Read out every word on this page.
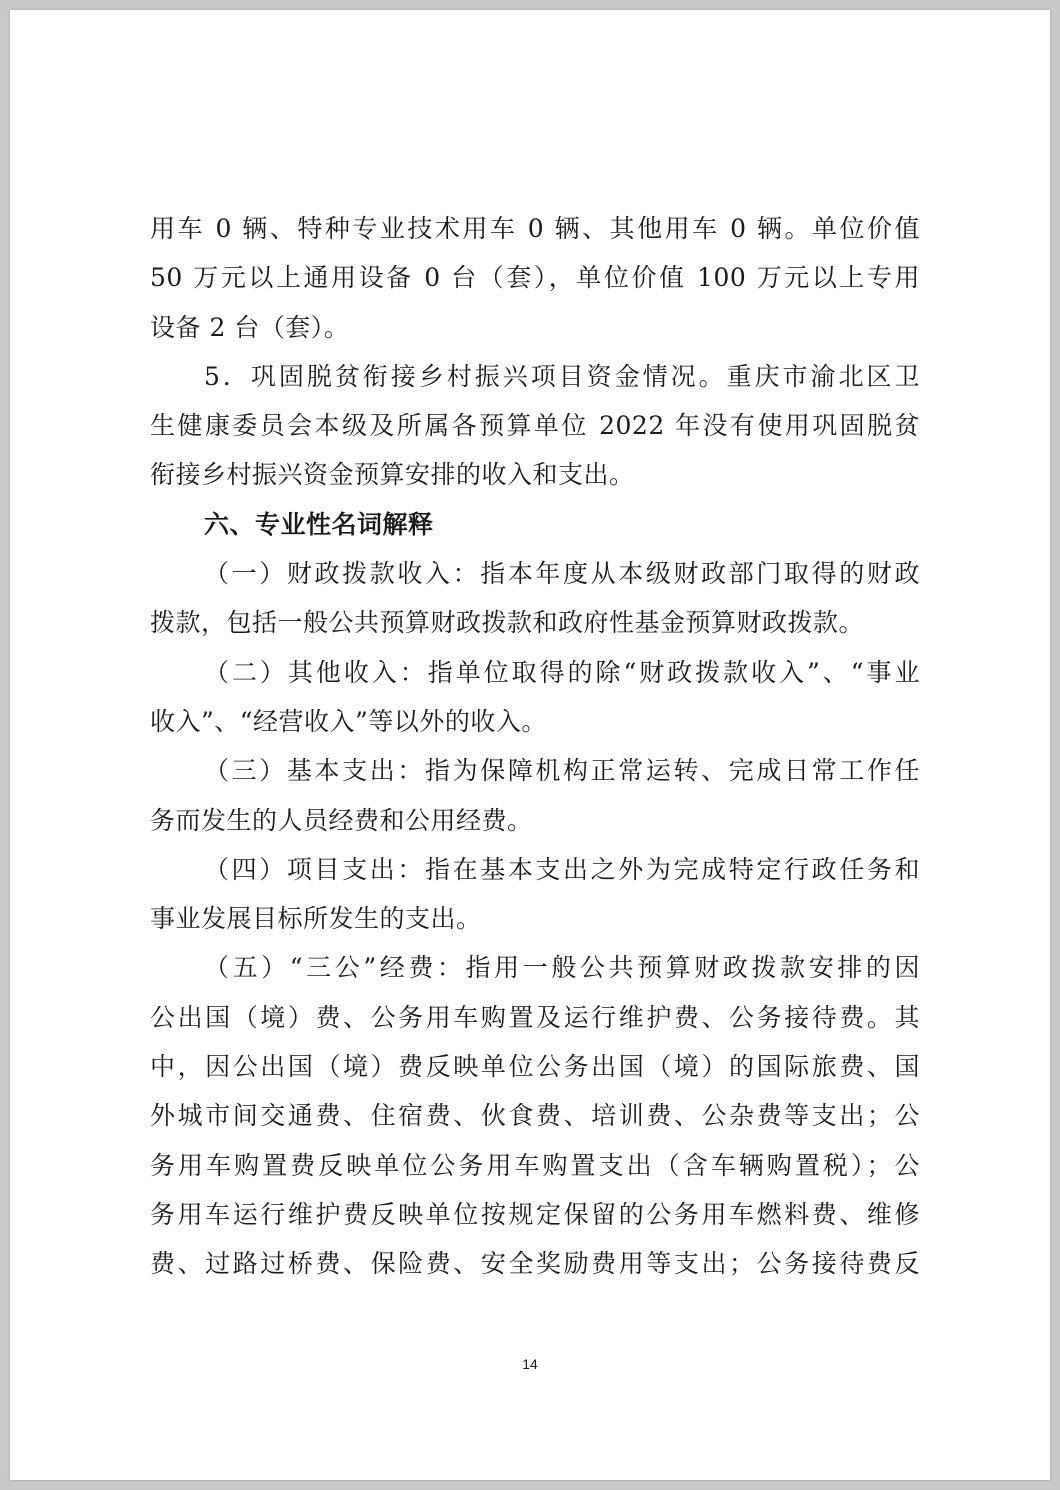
用车 0 辆、特种专业技术用车 0 辆、其他用车 0 辆。单位价值
50 万元以上通用设备 0 台（套），单位价值 100 万元以上专用
设备 2 台（套）。
5．巩固脱贫衔接乡村振兴项目资金情况。重庆市渝北区卫
生健康委员会本级及所属各预算单位 2022 年没有使用巩固脱贫
衔接乡村振兴资金预算安排的收入和支出。
六、专业性名词解释
（一）财政拨款收入：指本年度从本级财政部门取得的财政
拨款，包括一般公共预算财政拨款和政府性基金预算财政拨款。
（二）其他收入：指单位取得的除“财政拨款收入”、“事业
收入”、“经营收入”等以外的收入。
（三）基本支出：指为保障机构正常运转、完成日常工作任
务而发生的人员经费和公用经费。
（四）项目支出：指在基本支出之外为完成特定行政任务和
事业发展目标所发生的支出。
（五）“三公”经费：指用一般公共预算财政拨款安排的因
公出国（境）费、公务用车购置及运行维护费、公务接待费。其
中，因公出国（境）费反映单位公务出国（境）的国际旅费、国
外城市间交通费、住宿费、伙食费、培训费、公杂费等支出；公
务用车购置费反映单位公务用车购置支出（含车辆购置税）；公
务用车运行维护费反映单位按规定保留的公务用车燃料费、维修
费、过路过桥费、保险费、安全奖励费用等支出；公务接待费反
14
